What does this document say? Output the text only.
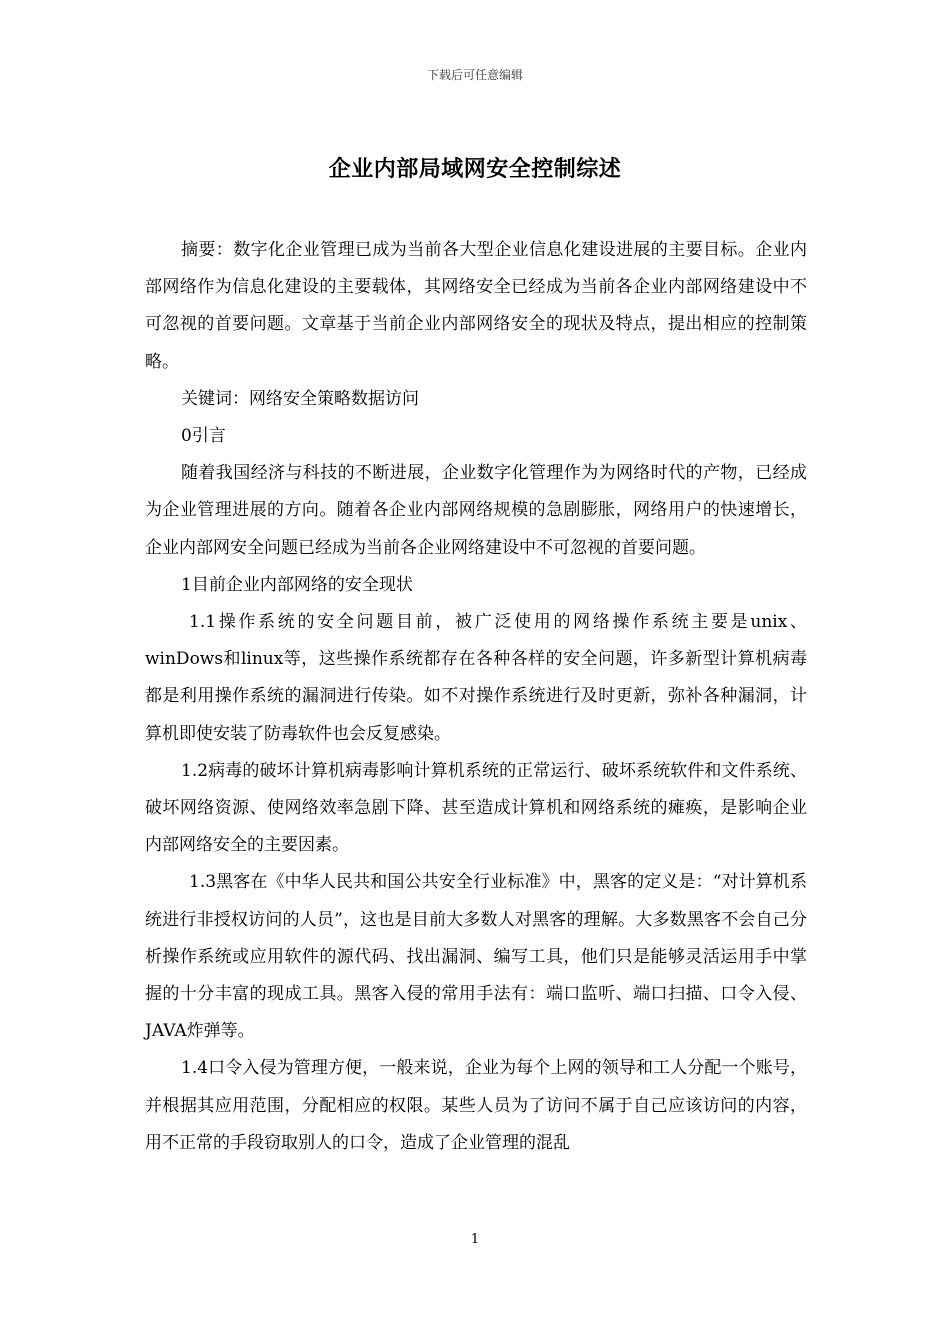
下载后可任意编辑
企业内部局域网安全控制综述

摘要：数字化企业管理已成为当前各大型企业信息化建设进展的主要目标。企业内部网络作为信息化建设的主要载体，其网络安全已经成为当前各企业内部网络建设中不可忽视的首要问题。文章基于当前企业内部网络安全的现状及特点，提出相应的控制策略。

关键词：网络安全策略数据访问

0引言

随着我国经济与科技的不断进展，企业数字化管理作为为网络时代的产物，已经成为企业管理进展的方向。随着各企业内部网络规模的急剧膨胀，网络用户的快速增长，企业内部网安全问题已经成为当前各企业网络建设中不可忽视的首要问题。

1目前企业内部网络的安全现状

1.1操作系统的安全问题目前，被广泛使用的网络操作系统主要是unix、winDows和linux等，这些操作系统都存在各种各样的安全问题，许多新型计算机病毒都是利用操作系统的漏洞进行传染。如不对操作系统进行及时更新，弥补各种漏洞，计算机即使安装了防毒软件也会反复感染。

1.2病毒的破坏计算机病毒影响计算机系统的正常运行、破坏系统软件和文件系统、破坏网络资源、使网络效率急剧下降、甚至造成计算机和网络系统的瘫痪，是影响企业内部网络安全的主要因素。

1.3黑客在《中华人民共和国公共安全行业标准》中，黑客的定义是：“对计算机系统进行非授权访问的人员”，这也是目前大多数人对黑客的理解。大多数黑客不会自己分析操作系统或应用软件的源代码、找出漏洞、编写工具，他们只是能够灵活运用手中掌握的十分丰富的现成工具。黑客入侵的常用手法有：端口监听、端口扫描、口令入侵、JAVA炸弹等。

1.4口令入侵为管理方便，一般来说，企业为每个上网的领导和工人分配一个账号，并根据其应用范围，分配相应的权限。某些人员为了访问不属于自己应该访问的内容，用不正常的手段窃取别人的口令，造成了企业管理的混乱

1
